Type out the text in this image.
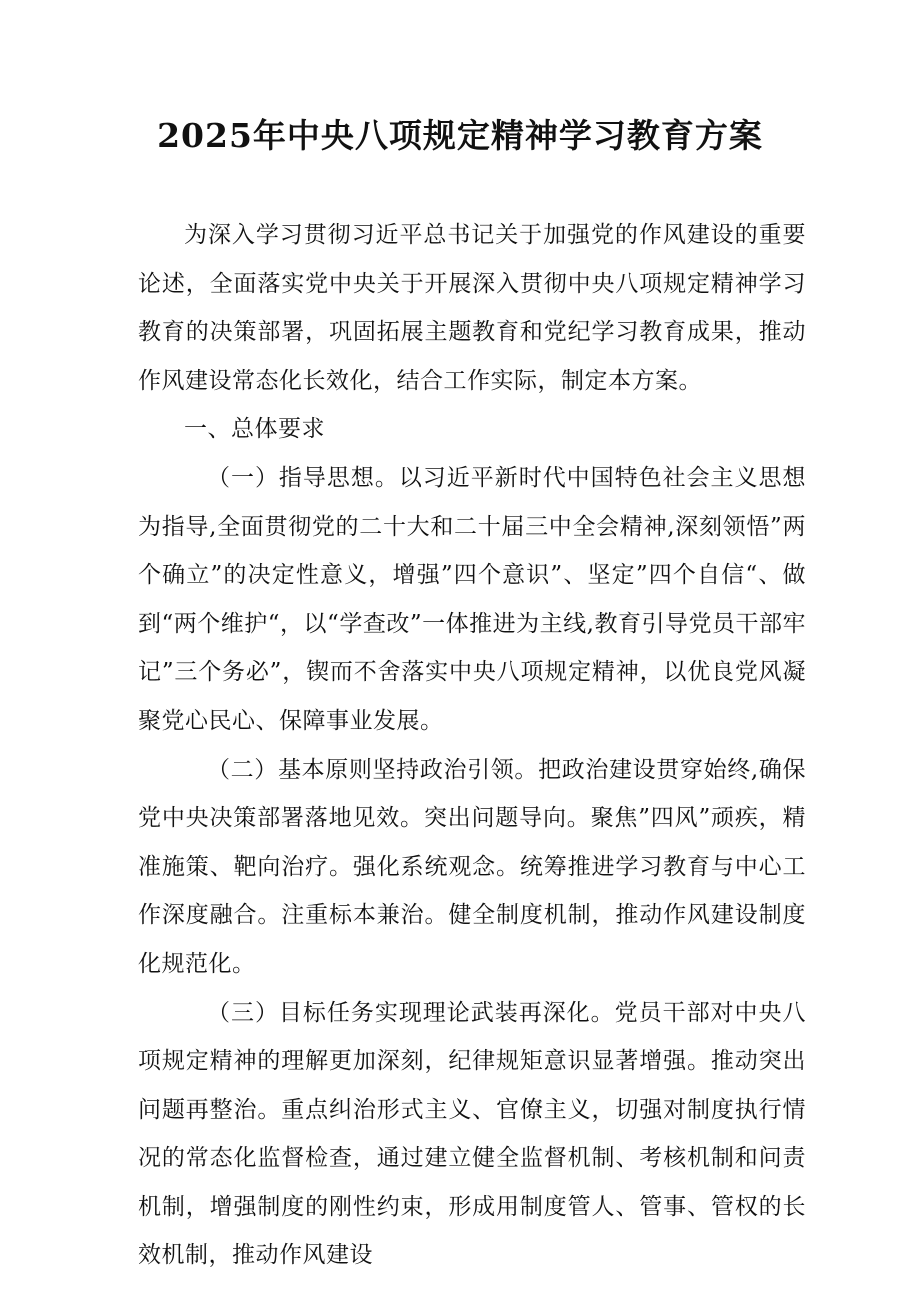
2025年中央八项规定精神学习教育方案

为深入学习贯彻习近平总书记关于加强党的作风建设的重要论述，全面落实党中央关于开展深入贯彻中央八项规定精神学习教育的决策部署，巩固拓展主题教育和党纪学习教育成果，推动作风建设常态化长效化，结合工作实际，制定本方案。

一、总体要求

（一）指导思想。以习近平新时代中国特色社会主义思想为指导,全面贯彻党的二十大和二十届三中全会精神,深刻领悟”两个确立”的决定性意义，增强”四个意识”、坚定”四个自信“、做到“两个维护“，以“学查改”一体推进为主线,教育引导党员干部牢记”三个务必”，锲而不舍落实中央八项规定精神，以优良党风凝聚党心民心、保障事业发展。

（二）基本原则坚持政治引领。把政治建设贯穿始终,确保党中央决策部署落地见效。突出问题导向。聚焦”四风”顽疾，精准施策、靶向治疗。强化系统观念。统筹推进学习教育与中心工作深度融合。注重标本兼治。健全制度机制，推动作风建设制度化规范化。

（三）目标任务实现理论武装再深化。党员干部对中央八项规定精神的理解更加深刻，纪律规矩意识显著增强。推动突出问题再整治。重点纠治形式主义、官僚主义，切强对制度执行情况的常态化监督检查，通过建立健全监督机制、考核机制和问责机制，增强制度的刚性约束，形成用制度管人、管事、管权的长效机制，推动作风建设
